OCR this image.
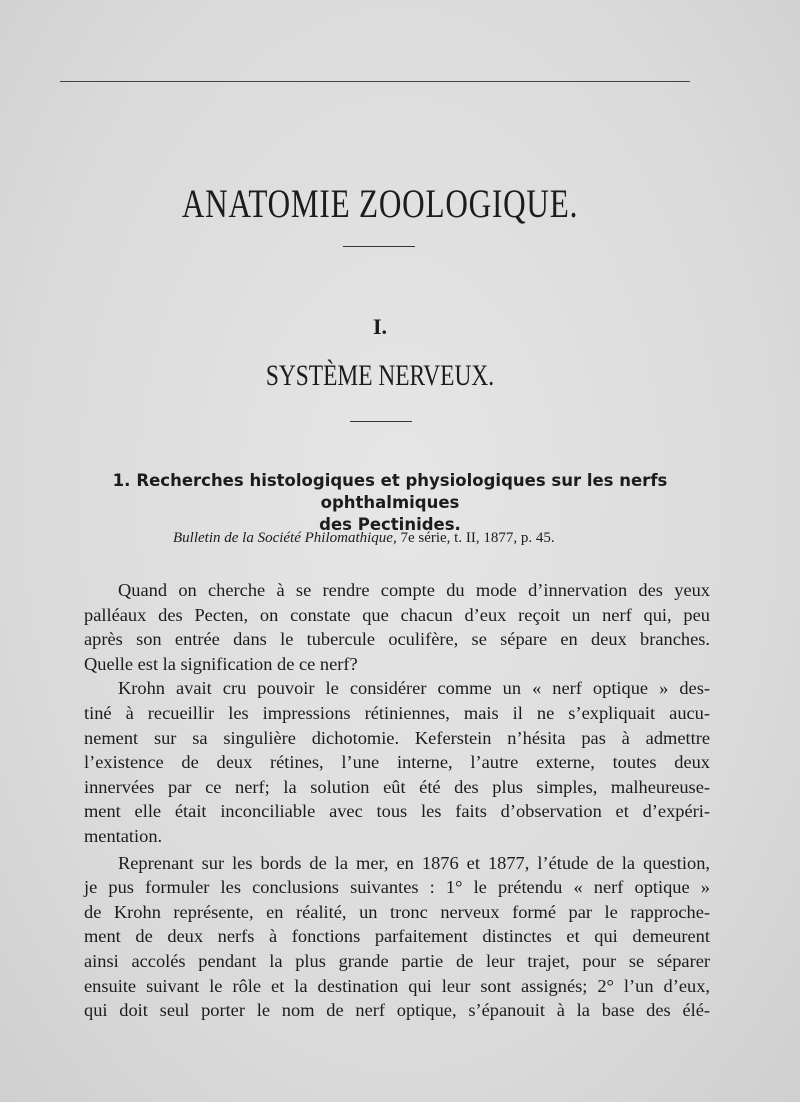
ANATOMIE ZOOLOGIQUE.
I.
SYSTÈME NERVEUX.
1. Recherches histologiques et physiologiques sur les nerfs ophthalmiques
des Pectinides.
Bulletin de la Société Philomathique, 7e série, t. II, 1877, p. 45.
Quand on cherche à se rendre compte du mode d’innervation des yeux
palléaux des Pecten, on constate que chacun d’eux reçoit un nerf qui, peu
après son entrée dans le tubercule oculifère, se sépare en deux branches.
Quelle est la signification de ce nerf?
Krohn avait cru pouvoir le considérer comme un « nerf optique » des-
tiné à recueillir les impressions rétiniennes, mais il ne s’expliquait aucu-
nement sur sa singulière dichotomie. Keferstein n’hésita pas à admettre
l’existence de deux rétines, l’une interne, l’autre externe, toutes deux
innervées par ce nerf; la solution eût été des plus simples, malheureuse-
ment elle était inconciliable avec tous les faits d’observation et d’expéri-
mentation.
Reprenant sur les bords de la mer, en 1876 et 1877, l’étude de la question,
je pus formuler les conclusions suivantes : 1° le prétendu « nerf optique »
de Krohn représente, en réalité, un tronc nerveux formé par le rapproche-
ment de deux nerfs à fonctions parfaitement distinctes et qui demeurent
ainsi accolés pendant la plus grande partie de leur trajet, pour se séparer
ensuite suivant le rôle et la destination qui leur sont assignés; 2° l’un d’eux,
qui doit seul porter le nom de nerf optique, s’épanouit à la base des élé-
